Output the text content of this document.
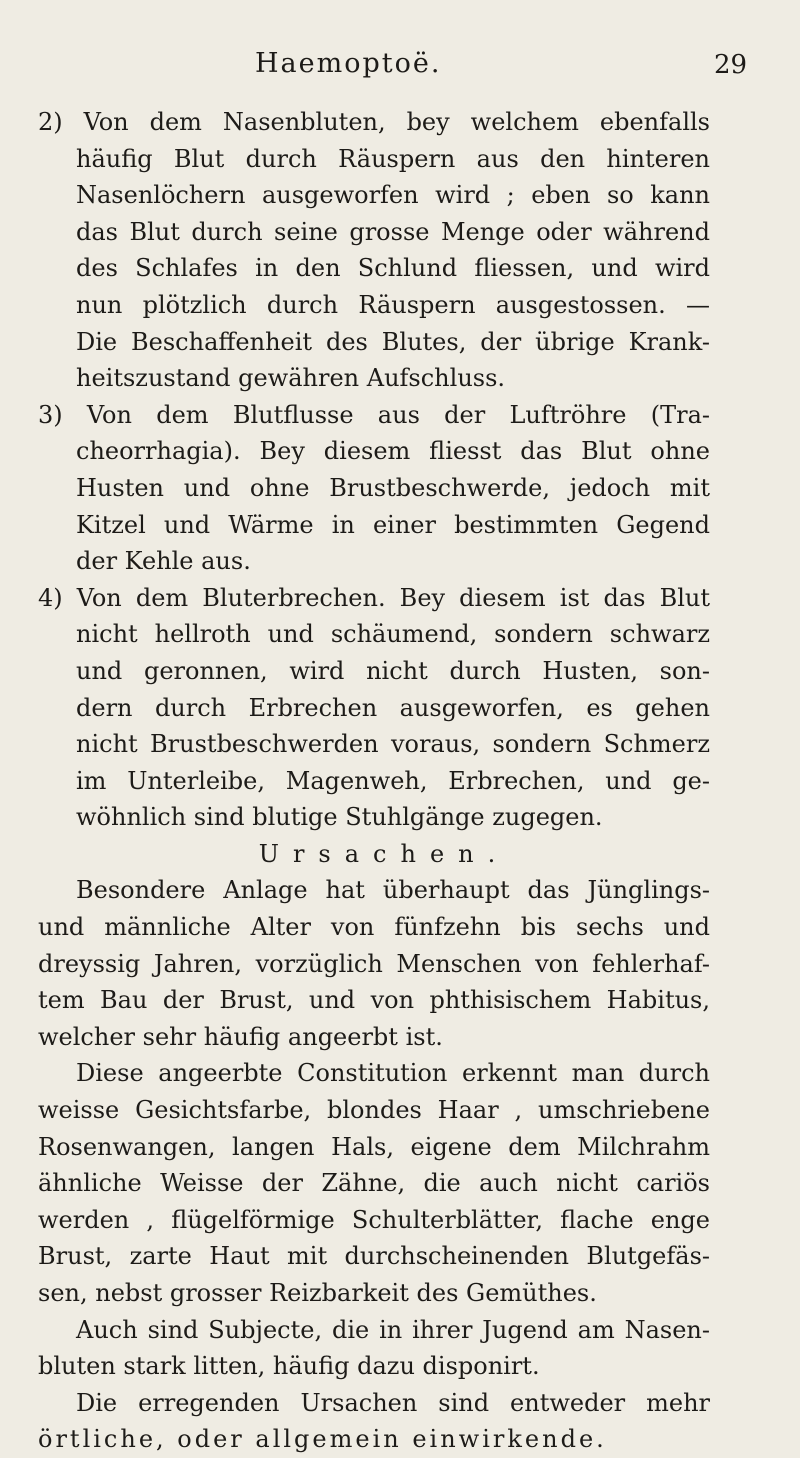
Haemoptoë.	29
2) Von dem Nasenbluten, bey welchem ebenfalls
häufig Blut durch Räuspern aus den hinteren
Nasenlöchern ausgeworfen wird ; eben so kann
das Blut durch seine grosse Menge oder während
des Schlafes in den Schlund fliessen, und wird
nun plötzlich durch Räuspern ausgestossen. —
Die Beschaffenheit des Blutes, der übrige Krank-
heitszustand gewähren Aufschluss.
3) Von dem Blutflusse aus der Luftröhre (Tra-
cheorrhagia). Bey diesem fliesst das Blut ohne
Husten und ohne Brustbeschwerde, jedoch mit
Kitzel und Wärme in einer bestimmten Gegend
der Kehle aus.
4) Von dem Bluterbrechen. Bey diesem ist das Blut
nicht hellroth und schäumend, sondern schwarz
und geronnen, wird nicht durch Husten, son-
dern durch Erbrechen ausgeworfen, es gehen
nicht Brustbeschwerden voraus, sondern Schmerz
im Unterleibe, Magenweh, Erbrechen, und ge-
wöhnlich sind blutige Stuhlgänge zugegen.
Ursachen.
Besondere Anlage hat überhaupt das Jünglings-
und männliche Alter von fünfzehn bis sechs und
dreyssig Jahren, vorzüglich Menschen von fehlerhaf-
tem Bau der Brust, und von phthisischem Habitus,
welcher sehr häufig angeerbt ist.
Diese angeerbte Constitution erkennt man durch
weisse Gesichtsfarbe, blondes Haar , umschriebene
Rosenwangen, langen Hals, eigene dem Milchrahm
ähnliche Weisse der Zähne, die auch nicht cariös
werden , flügelförmige Schulterblätter, flache enge
Brust, zarte Haut mit durchscheinenden Blutgefäs-
sen, nebst grosser Reizbarkeit des Gemüthes.
Auch sind Subjecte, die in ihrer Jugend am Nasen-
bluten stark litten, häufig dazu disponirt.
Die erregenden Ursachen sind entweder mehr
örtliche, oder allgemein einwirkende.
